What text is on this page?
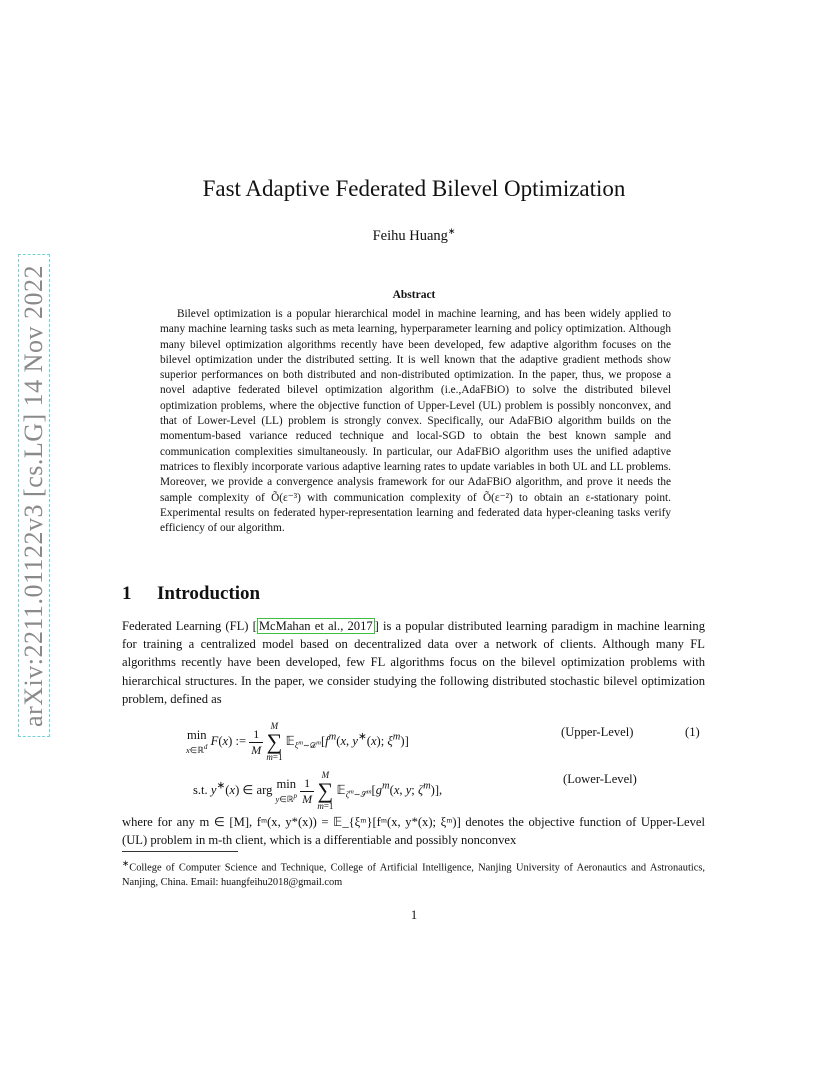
arXiv:2211.01122v3 [cs.LG] 14 Nov 2022
Fast Adaptive Federated Bilevel Optimization
Feihu Huang∗
Abstract

Bilevel optimization is a popular hierarchical model in machine learning, and has been widely applied to many machine learning tasks such as meta learning, hyperparameter learning and policy optimization. Although many bilevel optimization algorithms recently have been developed, few adaptive algorithm focuses on the bilevel optimization under the distributed setting. It is well known that the adaptive gradient methods show superior performances on both distributed and non-distributed optimization. In the paper, thus, we propose a novel adaptive federated bilevel optimization algorithm (i.e.,AdaFBiO) to solve the distributed bilevel optimization problems, where the objective function of Upper-Level (UL) problem is possibly nonconvex, and that of Lower-Level (LL) problem is strongly convex. Specifically, our AdaFBiO algorithm builds on the momentum-based variance reduced technique and local-SGD to obtain the best known sample and communication complexities simultaneously. In particular, our AdaFBiO algorithm uses the unified adaptive matrices to flexibly incorporate various adaptive learning rates to update variables in both UL and LL problems. Moreover, we provide a convergence analysis framework for our AdaFBiO algorithm, and prove it needs the sample complexity of Õ(ε⁻³) with communication complexity of Õ(ε⁻²) to obtain an ε-stationary point. Experimental results on federated hyper-representation learning and federated data hyper-cleaning tasks verify efficiency of our algorithm.

1 Introduction

Federated Learning (FL) [ McMahan et al., 2017 ] is a popular distributed learning paradigm in machine learning for training a centralized model based on decentralized data over a network of clients. Although many FL algorithms recently have been developed, few FL algorithms focus on the bilevel optimization problems with hierarchical structures. In the paper, we consider studying the following distributed stochastic bilevel optimization problem, defined as

min
x∈ℝ$^d$ F(x) := $\frac{1}{M}$
M
∑
m=1 $𝔼_{\xi^m\sim 𝒟^m}[f^m(x$, y∗(x); $\xi^m$)]
(Upper-Level)	(1)
s.t. y∗(x) ∈ arg min
y∈ℝ$^p$
$\frac{1}{M}$
M
∑
m=1 $𝔼_{\zeta^m\sim 𝒮^m}[g^m(x$, y; $\zeta^m$)],
(Lower-Level)

where for any m ∈ [M], fᵐ(x, y*(x)) = 𝔼_{ξᵐ}[fᵐ(x, y*(x); ξᵐ)] denotes the objective function of Upper-Level (UL) problem in m-th client, which is a differentiable and possibly nonconvex

∗College of Computer Science and Technique, College of Artificial Intelligence, Nanjing University of Aeronautics and Astronautics, Nanjing, China. Email: huangfeihu2018@gmail.com

1
